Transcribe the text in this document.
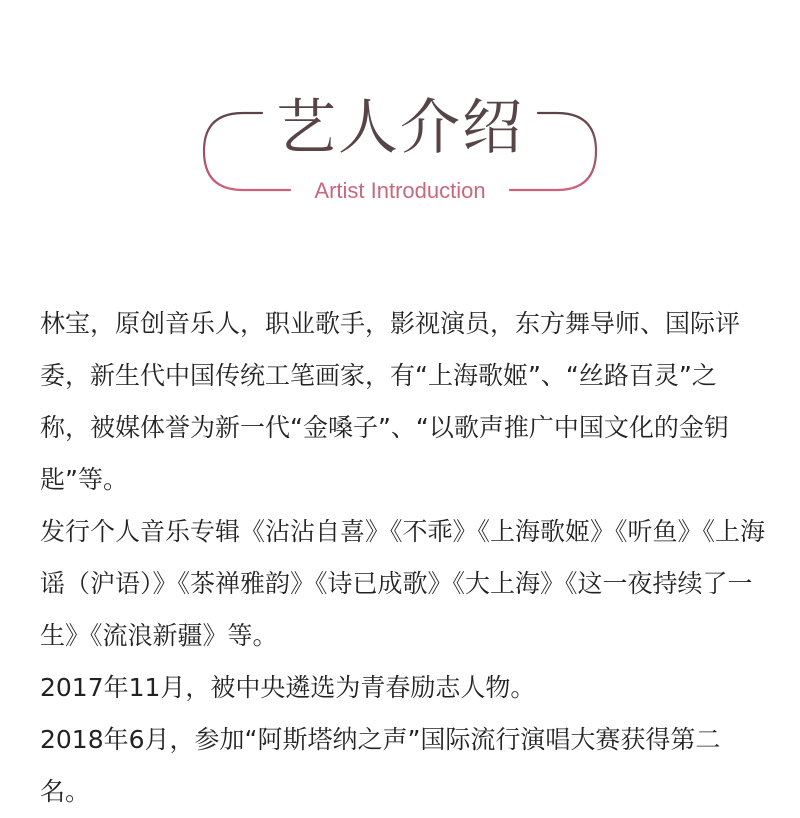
艺人介绍
Artist Introduction

林宝，原创音乐人，职业歌手，影视演员，东方舞导师、国际评委，新生代中国传统工笔画家，有“上海歌姬”、“丝路百灵”之称，被媒体誉为新一代“金嗓子”、“以歌声推广中国文化的金钥匙”等。

发行个人音乐专辑《沾沾自喜》《不乖》《上海歌姬》《听鱼》《上海谣（沪语）》《茶禅雅韵》《诗已成歌》《大上海》《这一夜持续了一生》《流浪新疆》等。

2017年11月，被中央遴选为青春励志人物。

2018年6月，参加“阿斯塔纳之声”国际流行演唱大赛获得第二名。
